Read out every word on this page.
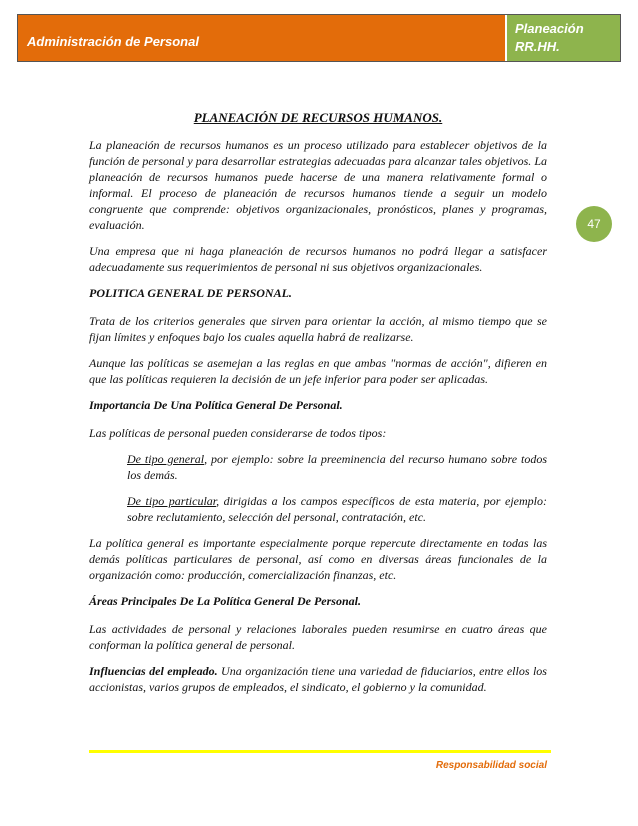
Administración de Personal
Planeación
RR.HH.
47
PLANEACIÓN DE RECURSOS HUMANOS.

La planeación de recursos humanos es un proceso utilizado para establecer objetivos de la función de personal y para desarrollar estrategias adecuadas para alcanzar tales objetivos. La planeación de recursos humanos puede hacerse de una manera relativamente formal o informal. El proceso de planeación de recursos humanos tiende a seguir un modelo congruente que comprende: objetivos organizacionales, pronósticos, planes y programas, evaluación.

Una empresa que ni haga planeación de recursos humanos no podrá llegar a satisfacer adecuadamente sus requerimientos de personal ni sus objetivos organizacionales.

POLITICA GENERAL DE PERSONAL.

Trata de los criterios generales que sirven para orientar la acción, al mismo tiempo que se fijan límites y enfoques bajo los cuales aquella habrá de realizarse.

Aunque las políticas se asemejan a las reglas en que ambas "normas de acción", difieren en que las políticas requieren la decisión de un jefe inferior para poder ser aplicadas.

Importancia De Una Política General De Personal.

Las políticas de personal pueden considerarse de todos tipos:

De tipo general, por ejemplo: sobre la preeminencia del recurso humano sobre todos los demás.

De tipo particular, dirigidas a los campos específicos de esta materia, por ejemplo: sobre reclutamiento, selección del personal, contratación, etc.

La política general es importante especialmente porque repercute directamente en todas las demás políticas particulares de personal, así como en diversas áreas funcionales de la organización como: producción, comercialización finanzas, etc.

Áreas Principales De La Política General De Personal.

Las actividades de personal y relaciones laborales pueden resumirse en cuatro áreas que conforman la política general de personal.

Influencias del empleado. Una organización tiene una variedad de fiduciarios, entre ellos los accionistas, varios grupos de empleados, el sindicato, el gobierno y la comunidad.

Responsabilidad social
